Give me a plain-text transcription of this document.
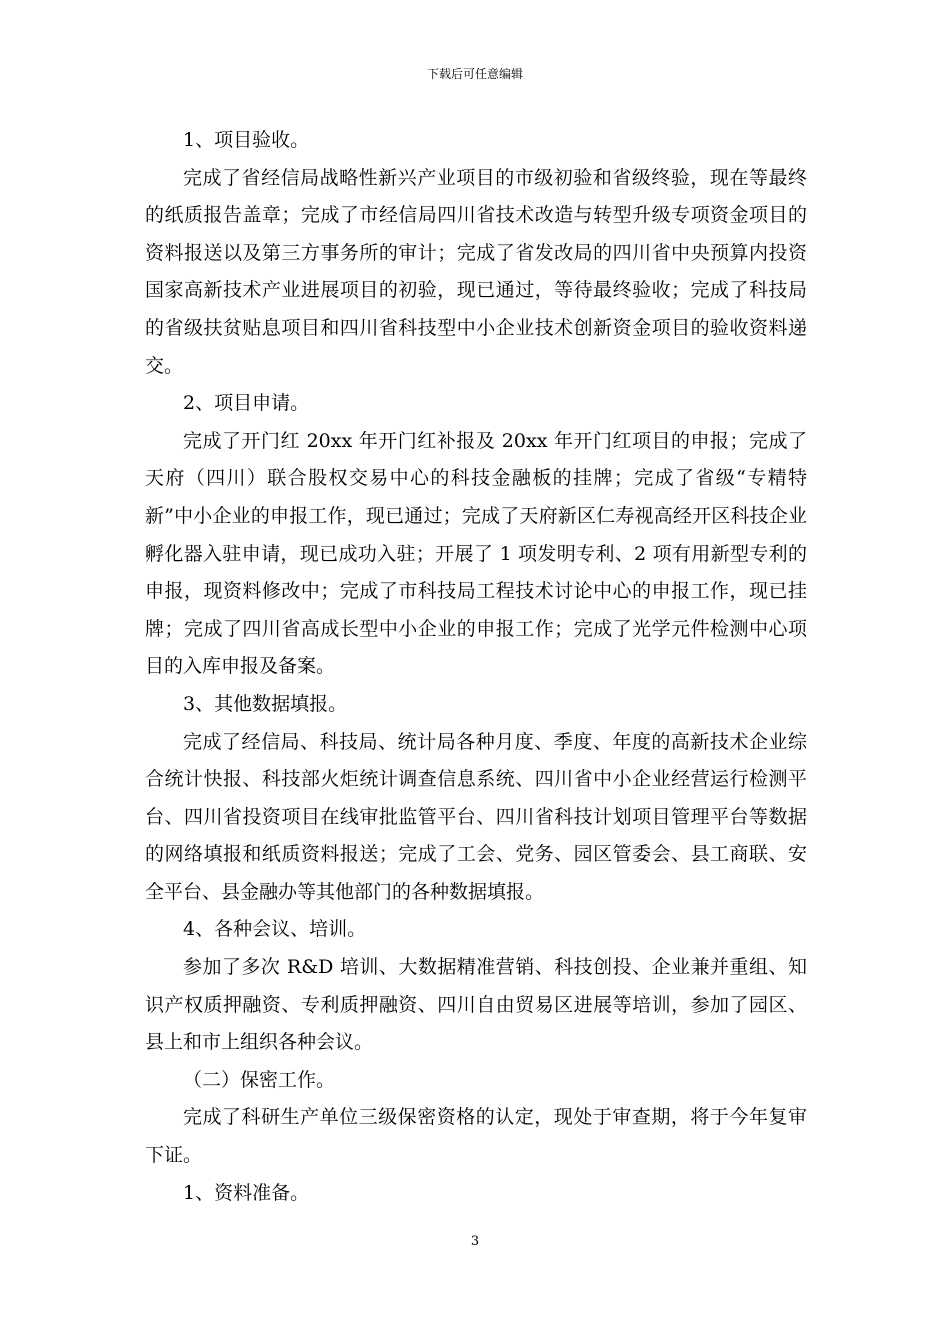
下载后可任意编辑

1、项目验收。

完成了省经信局战略性新兴产业项目的市级初验和省级终验，现在等最终的纸质报告盖章；完成了市经信局四川省技术改造与转型升级专项资金项目的资料报送以及第三方事务所的审计；完成了省发改局的四川省中央预算内投资国家高新技术产业进展项目的初验，现已通过，等待最终验收；完成了科技局的省级扶贫贴息项目和四川省科技型中小企业技术创新资金项目的验收资料递交。

2、项目申请。

完成了开门红 20xx 年开门红补报及 20xx 年开门红项目的申报；完成了天府（四川）联合股权交易中心的科技金融板的挂牌；完成了省级“专精特新”中小企业的申报工作，现已通过；完成了天府新区仁寿视高经开区科技企业孵化器入驻申请，现已成功入驻；开展了 1 项发明专利、2 项有用新型专利的申报，现资料修改中；完成了市科技局工程技术讨论中心的申报工作，现已挂牌；完成了四川省高成长型中小企业的申报工作；完成了光学元件检测中心项目的入库申报及备案。

3、其他数据填报。

完成了经信局、科技局、统计局各种月度、季度、年度的高新技术企业综合统计快报、科技部火炬统计调查信息系统、四川省中小企业经营运行检测平台、四川省投资项目在线审批监管平台、四川省科技计划项目管理平台等数据的网络填报和纸质资料报送；完成了工会、党务、园区管委会、县工商联、安全平台、县金融办等其他部门的各种数据填报。

4、各种会议、培训。

参加了多次 R&D 培训、大数据精准营销、科技创投、企业兼并重组、知识产权质押融资、专利质押融资、四川自由贸易区进展等培训，参加了园区、县上和市上组织各种会议。

（二）保密工作。

完成了科研生产单位三级保密资格的认定，现处于审查期，将于今年复审下证。

1、资料准备。

3
